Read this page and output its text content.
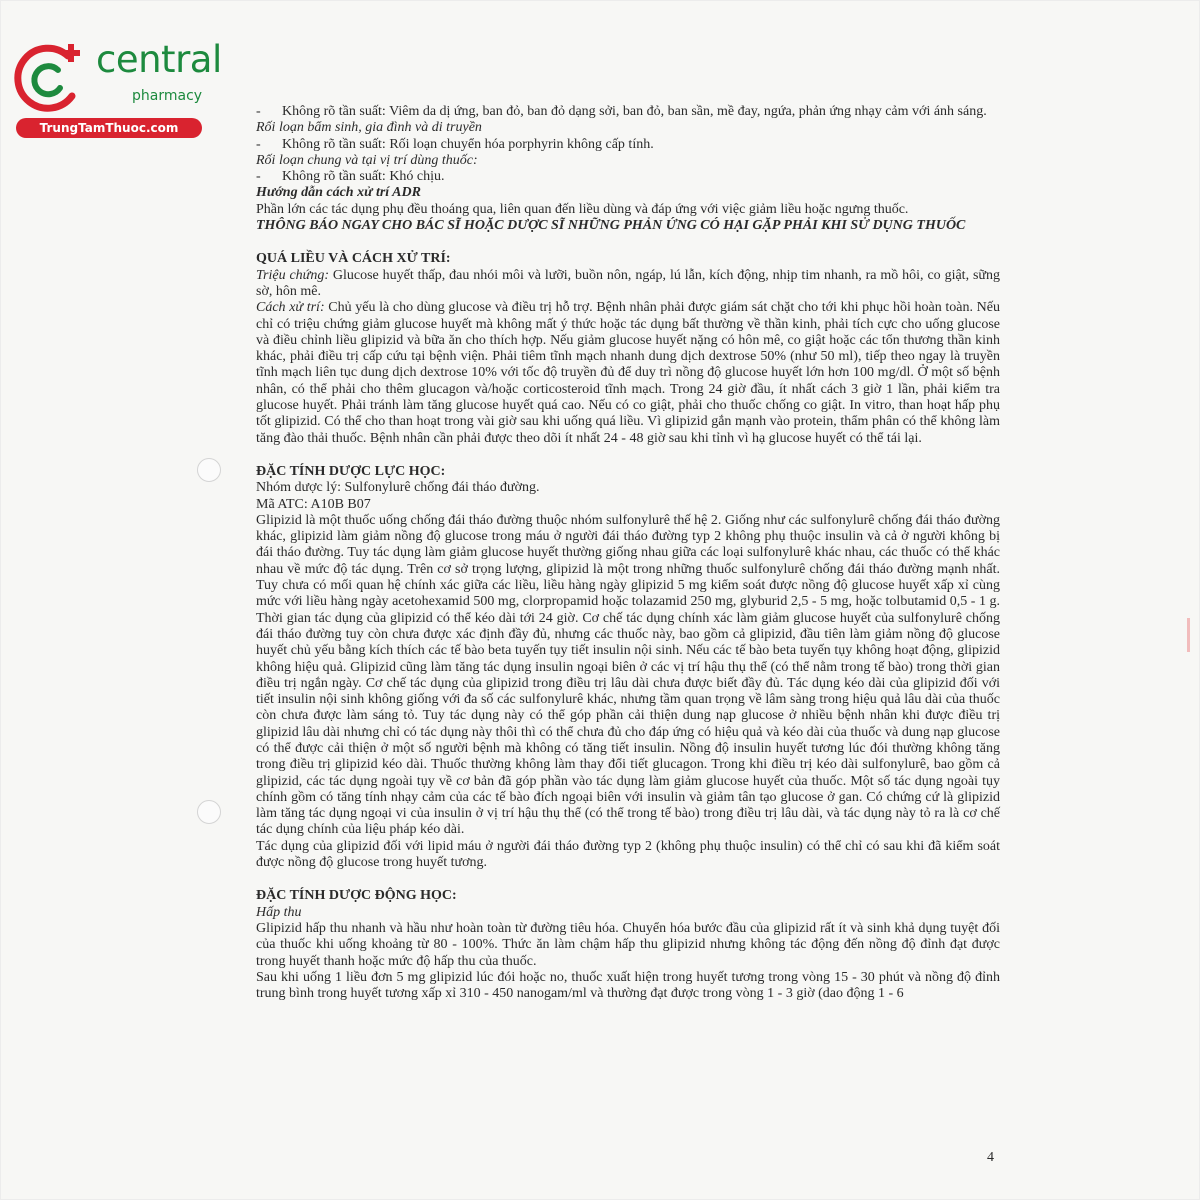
central
pharmacy
TrungTamThuoc.com

- Không rõ tần suất: Viêm da dị ứng, ban đỏ, ban đỏ dạng sởi, ban đỏ, ban sần, mề đay, ngứa, phản ứng nhạy cảm với ánh sáng.

Rối loạn bẩm sinh, gia đình và di truyền

- Không rõ tần suất: Rối loạn chuyển hóa porphyrin không cấp tính.

Rối loạn chung và tại vị trí dùng thuốc:

- Không rõ tần suất: Khó chịu.

Hướng dẫn cách xử trí ADR

Phần lớn các tác dụng phụ đều thoáng qua, liên quan đến liều dùng và đáp ứng với việc giảm liều hoặc ngưng thuốc.

THÔNG BÁO NGAY CHO BÁC SĨ HOẶC DƯỢC SĨ NHỮNG PHẢN ỨNG CÓ HẠI GẶP PHẢI KHI SỬ DỤNG THUỐC

QUÁ LIỀU VÀ CÁCH XỬ TRÍ:

Triệu chứng: Glucose huyết thấp, đau nhói môi và lưỡi, buồn nôn, ngáp, lú lẫn, kích động, nhịp tim nhanh, ra mồ hôi, co giật, sững sờ, hôn mê.

Cách xử trí: Chủ yếu là cho dùng glucose và điều trị hỗ trợ. Bệnh nhân phải được giám sát chặt cho tới khi phục hồi hoàn toàn. Nếu chỉ có triệu chứng giảm glucose huyết mà không mất ý thức hoặc tác dụng bất thường về thần kinh, phải tích cực cho uống glucose và điều chỉnh liều glipizid và bữa ăn cho thích hợp. Nếu giảm glucose huyết nặng có hôn mê, co giật hoặc các tổn thương thần kinh khác, phải điều trị cấp cứu tại bệnh viện. Phải tiêm tĩnh mạch nhanh dung dịch dextrose 50% (như 50 ml), tiếp theo ngay là truyền tĩnh mạch liên tục dung dịch dextrose 10% với tốc độ truyền đủ để duy trì nồng độ glucose huyết lớn hơn 100 mg/dl. Ở một số bệnh nhân, có thể phải cho thêm glucagon và/hoặc corticosteroid tĩnh mạch. Trong 24 giờ đầu, ít nhất cách 3 giờ 1 lần, phải kiểm tra glucose huyết. Phải tránh làm tăng glucose huyết quá cao. Nếu có co giật, phải cho thuốc chống co giật. In vitro, than hoạt hấp phụ tốt glipizid. Có thể cho than hoạt trong vài giờ sau khi uống quá liều. Vì glipizid gắn mạnh vào protein, thẩm phân có thể không làm tăng đào thải thuốc. Bệnh nhân cần phải được theo dõi ít nhất 24 - 48 giờ sau khi tỉnh vì hạ glucose huyết có thể tái lại.

ĐẶC TÍNH DƯỢC LỰC HỌC:

Nhóm dược lý: Sulfonylurê chống đái tháo đường.

Mã ATC: A10B B07

Glipizid là một thuốc uống chống đái tháo đường thuộc nhóm sulfonylurê thế hệ 2. Giống như các sulfonylurê chống đái tháo đường khác, glipizid làm giảm nồng độ glucose trong máu ở người đái tháo đường typ 2 không phụ thuộc insulin và cả ở người không bị đái tháo đường. Tuy tác dụng làm giảm glucose huyết thường giống nhau giữa các loại sulfonylurê khác nhau, các thuốc có thể khác nhau về mức độ tác dụng. Trên cơ sở trọng lượng, glipizid là một trong những thuốc sulfonylurê chống đái tháo đường mạnh nhất. Tuy chưa có mối quan hệ chính xác giữa các liều, liều hàng ngày glipizid 5 mg kiểm soát được nồng độ glucose huyết xấp xỉ cùng mức với liều hàng ngày acetohexamid 500 mg, clorpropamid hoặc tolazamid 250 mg, glyburid 2,5 - 5 mg, hoặc tolbutamid 0,5 - 1 g. Thời gian tác dụng của glipizid có thể kéo dài tới 24 giờ. Cơ chế tác dụng chính xác làm giảm glucose huyết của sulfonylurê chống đái tháo đường tuy còn chưa được xác định đầy đủ, nhưng các thuốc này, bao gồm cả glipizid, đầu tiên làm giảm nồng độ glucose huyết chủ yếu bằng kích thích các tế bào beta tuyến tụy tiết insulin nội sinh. Nếu các tế bào beta tuyến tụy không hoạt động, glipizid không hiệu quả. Glipizid cũng làm tăng tác dụng insulin ngoại biên ở các vị trí hậu thụ thể (có thể nằm trong tế bào) trong thời gian điều trị ngắn ngày. Cơ chế tác dụng của glipizid trong điều trị lâu dài chưa được biết đầy đủ. Tác dụng kéo dài của glipizid đối với tiết insulin nội sinh không giống với đa số các sulfonylurê khác, nhưng tầm quan trọng về lâm sàng trong hiệu quả lâu dài của thuốc còn chưa được làm sáng tỏ. Tuy tác dụng này có thể góp phần cải thiện dung nạp glucose ở nhiều bệnh nhân khi được điều trị glipizid lâu dài nhưng chỉ có tác dụng này thôi thì có thể chưa đủ cho đáp ứng có hiệu quả và kéo dài của thuốc và dung nạp glucose có thể được cải thiện ở một số người bệnh mà không có tăng tiết insulin. Nồng độ insulin huyết tương lúc đói thường không tăng trong điều trị glipizid kéo dài. Thuốc thường không làm thay đổi tiết glucagon. Trong khi điều trị kéo dài sulfonylurê, bao gồm cả glipizid, các tác dụng ngoài tụy về cơ bản đã góp phần vào tác dụng làm giảm glucose huyết của thuốc. Một số tác dụng ngoài tụy chính gồm có tăng tính nhạy cảm của các tế bào đích ngoại biên với insulin và giảm tân tạo glucose ở gan. Có chứng cứ là glipizid làm tăng tác dụng ngoại vi của insulin ở vị trí hậu thụ thể (có thể trong tế bào) trong điều trị lâu dài, và tác dụng này tỏ ra là cơ chế tác dụng chính của liệu pháp kéo dài.

Tác dụng của glipizid đối với lipid máu ở người đái tháo đường typ 2 (không phụ thuộc insulin) có thể chỉ có sau khi đã kiểm soát được nồng độ glucose trong huyết tương.

ĐẶC TÍNH DƯỢC ĐỘNG HỌC:

Hấp thu

Glipizid hấp thu nhanh và hầu như hoàn toàn từ đường tiêu hóa. Chuyển hóa bước đầu của glipizid rất ít và sinh khả dụng tuyệt đối của thuốc khi uống khoảng từ 80 - 100%. Thức ăn làm chậm hấp thu glipizid nhưng không tác động đến nồng độ đỉnh đạt được trong huyết thanh hoặc mức độ hấp thu của thuốc.

Sau khi uống 1 liều đơn 5 mg glipizid lúc đói hoặc no, thuốc xuất hiện trong huyết tương trong vòng 15 - 30 phút và nồng độ đỉnh trung bình trong huyết tương xấp xỉ 310 - 450 nanogam/ml và thường đạt được trong vòng 1 - 3 giờ (dao động 1 - 6

4
